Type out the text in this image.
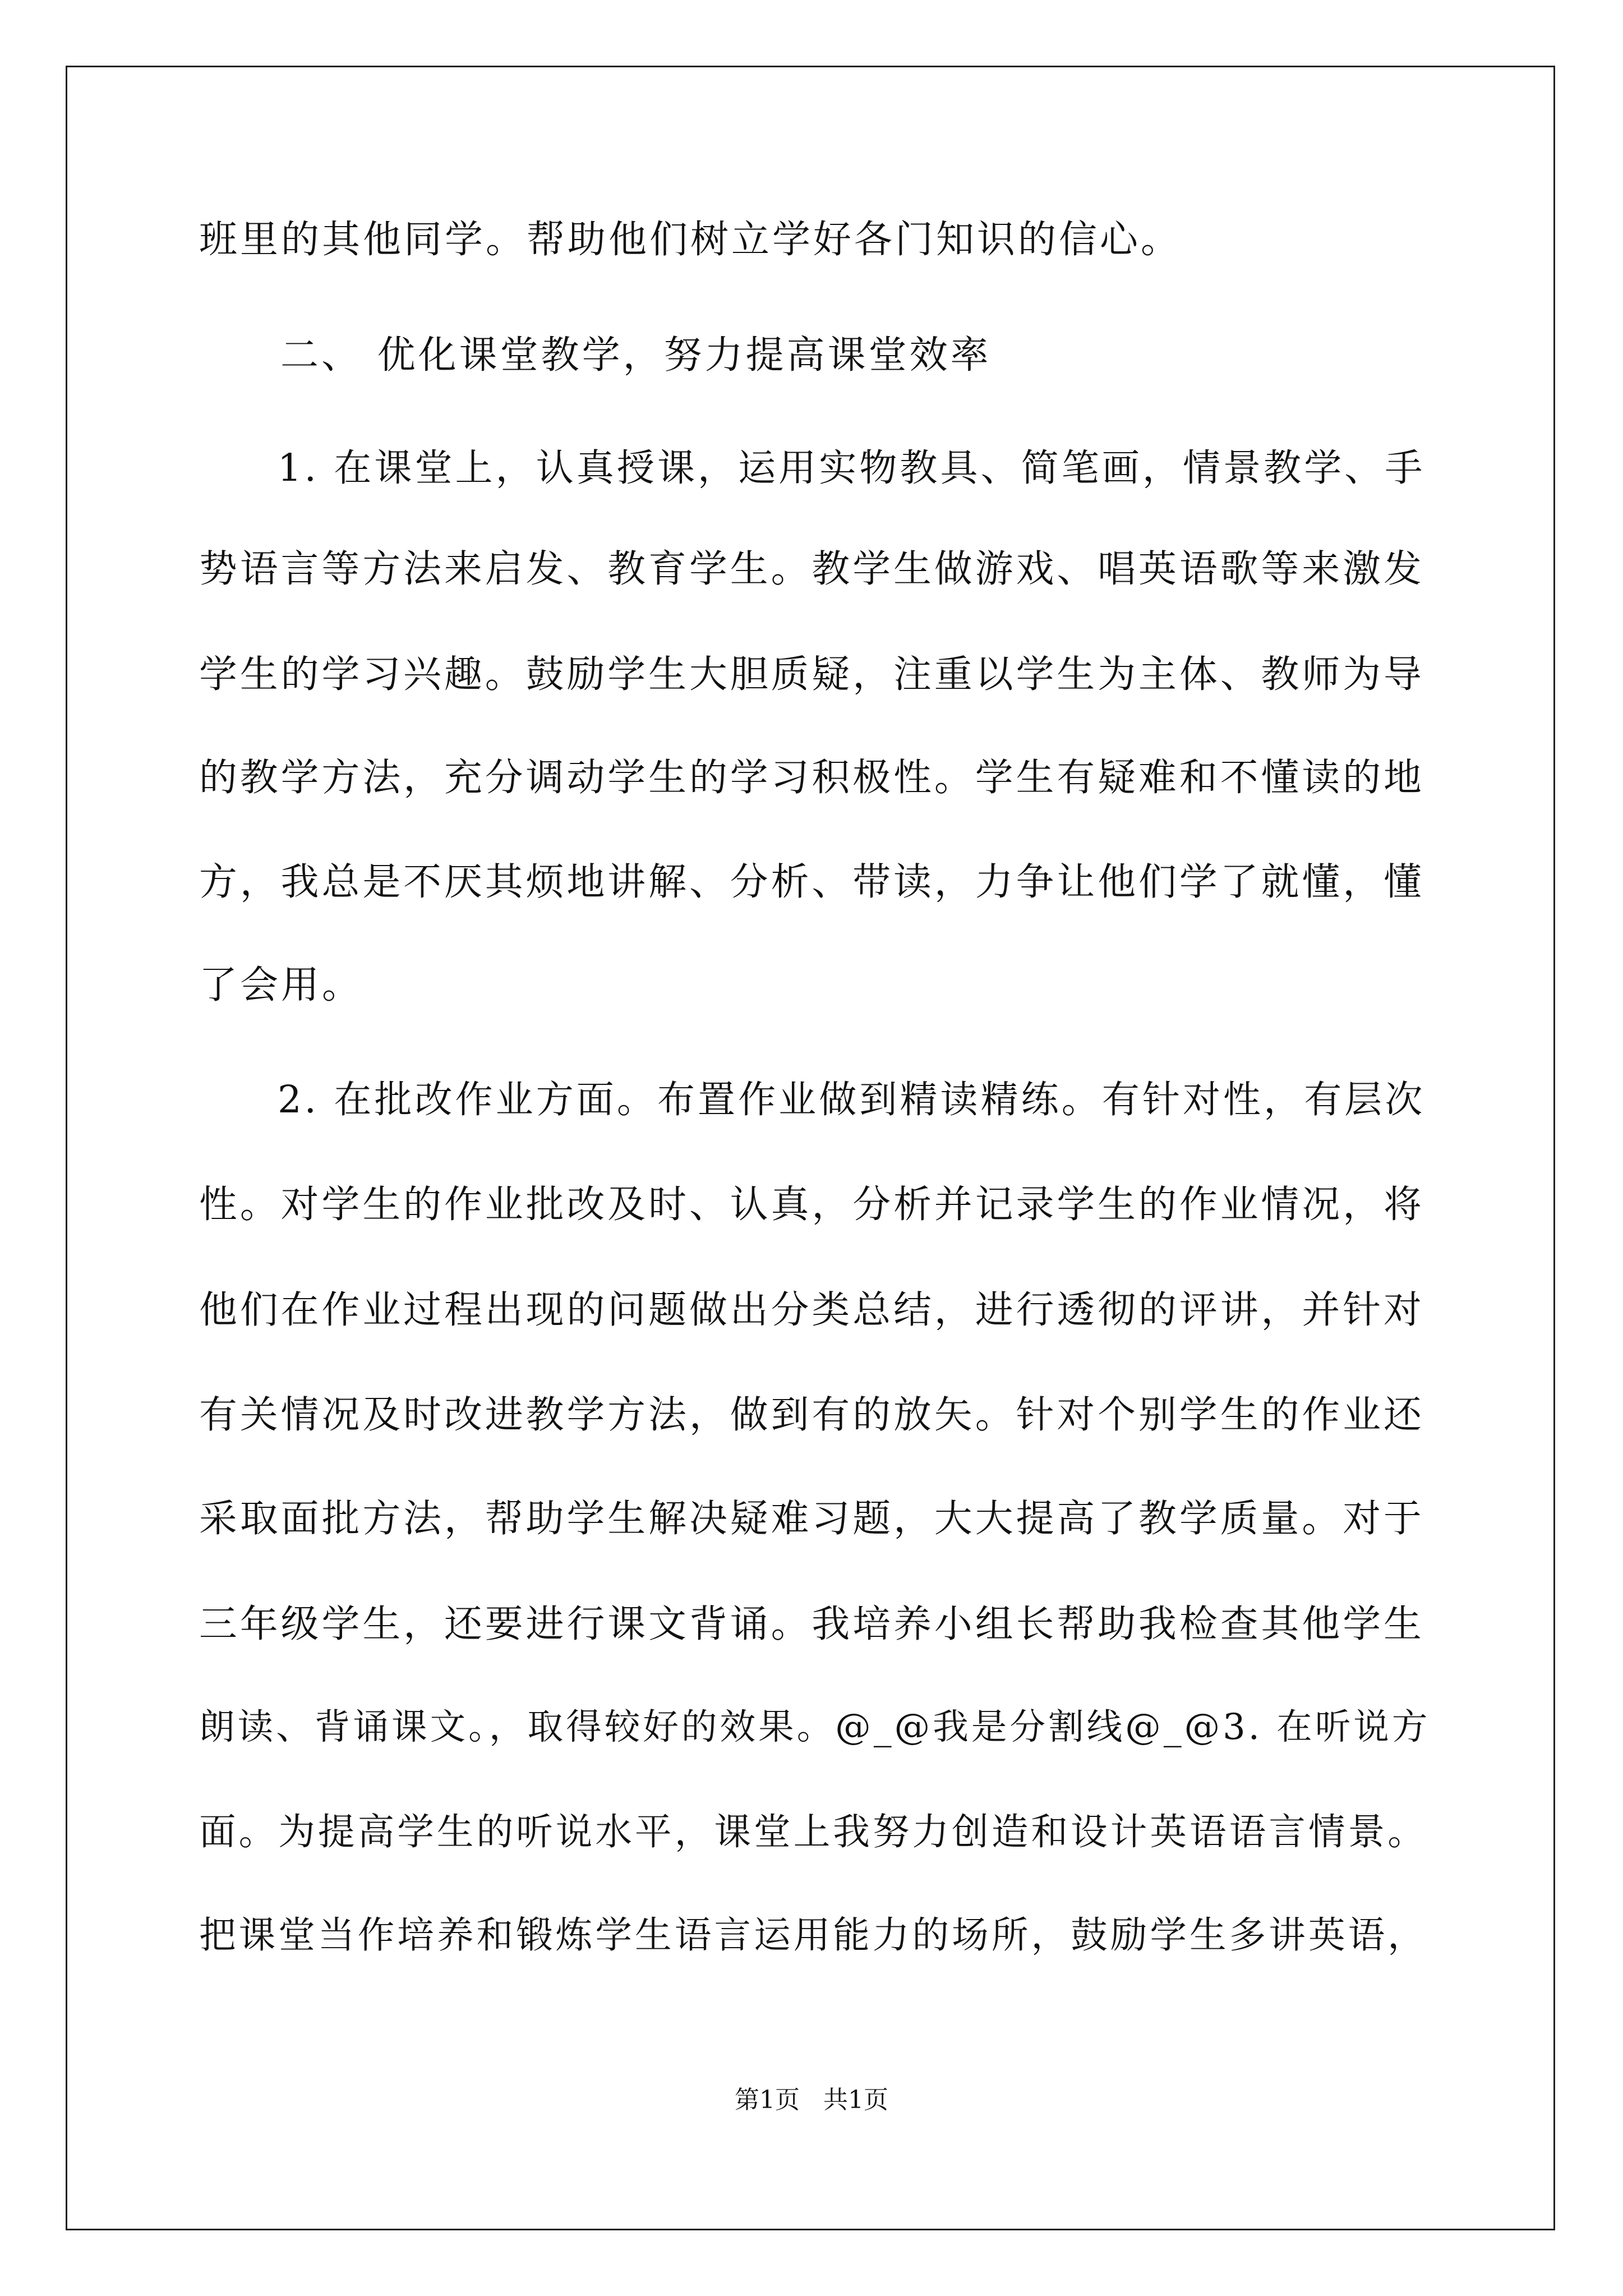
班里的其他同学。帮助他们树立学好各门知识的信心。
二、 优化课堂教学，努力提高课堂效率
1. 在课堂上，认真授课，运用实物教具、简笔画，情景教学、手
势语言等方法来启发、教育学生。教学生做游戏、唱英语歌等来激发
学生的学习兴趣。鼓励学生大胆质疑，注重以学生为主体、教师为导
的教学方法，充分调动学生的学习积极性。学生有疑难和不懂读的地
方，我总是不厌其烦地讲解、分析、带读，力争让他们学了就懂，懂
了会用。
2. 在批改作业方面。布置作业做到精读精练。有针对性，有层次
性。对学生的作业批改及时、认真，分析并记录学生的作业情况，将
他们在作业过程出现的问题做出分类总结，进行透彻的评讲，并针对
有关情况及时改进教学方法，做到有的放矢。针对个别学生的作业还
采取面批方法，帮助学生解决疑难习题，大大提高了教学质量。对于
三年级学生，还要进行课文背诵。我培养小组长帮助我检查其他学生
朗读、背诵课文。，取得较好的效果。@_@我是分割线@_@3. 在听说方
面。为提高学生的听说水平，课堂上我努力创造和设计英语语言情景。
把课堂当作培养和锻炼学生语言运用能力的场所，鼓励学生多讲英语，
第1页 共1页
